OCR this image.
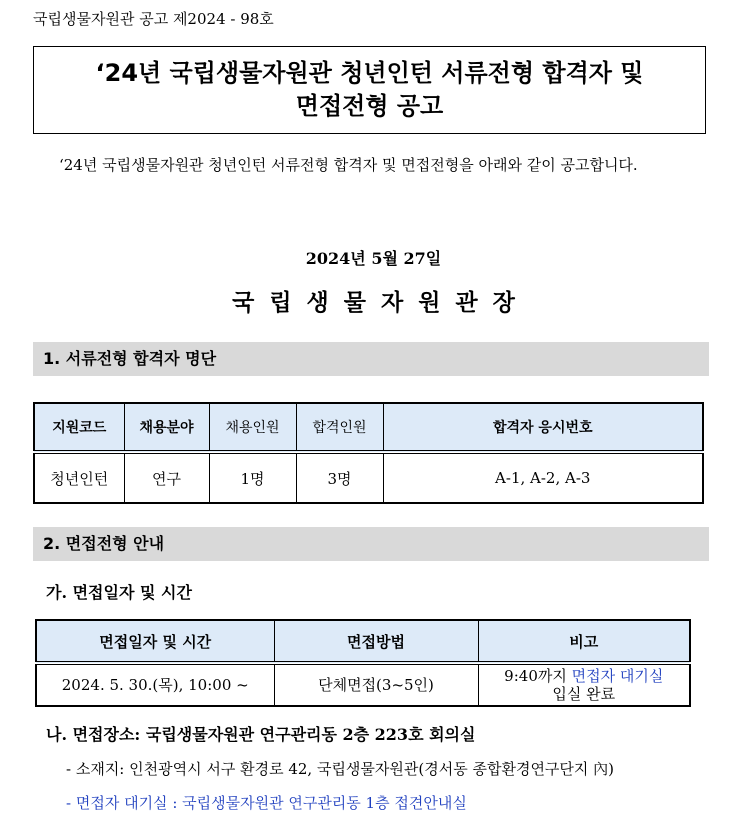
국립생물자원관 공고 제2024 - 98호
‘24년 국립생물자원관 청년인턴 서류전형 합격자 및
면접전형 공고
‘24년 국립생물자원관 청년인턴 서류전형 합격자 및 면접전형을 아래와 같이 공고합니다.
2024년 5월 27일
국립생물자원관장
1. 서류전형 합격자 명단
지원코드	채용분야	채용인원	합격인원	합격자 응시번호
청년인턴	연구	1명	3명	A-1, A-2, A-3
2. 면접전형 안내
가. 면접일자 및 시간
면접일자 및 시간	면접방법	비고
2024. 5. 30.(목), 10:00 ~	단체면접(3~5인)	9:40까지 면접자 대기실
입실 완료
나. 면접장소: 국립생물자원관 연구관리동 2층 223호 회의실
- 소재지: 인천광역시 서구 환경로 42, 국립생물자원관(경서동 종합환경연구단지 內)
- 면접자 대기실 : 국립생물자원관 연구관리동 1층 접견안내실
